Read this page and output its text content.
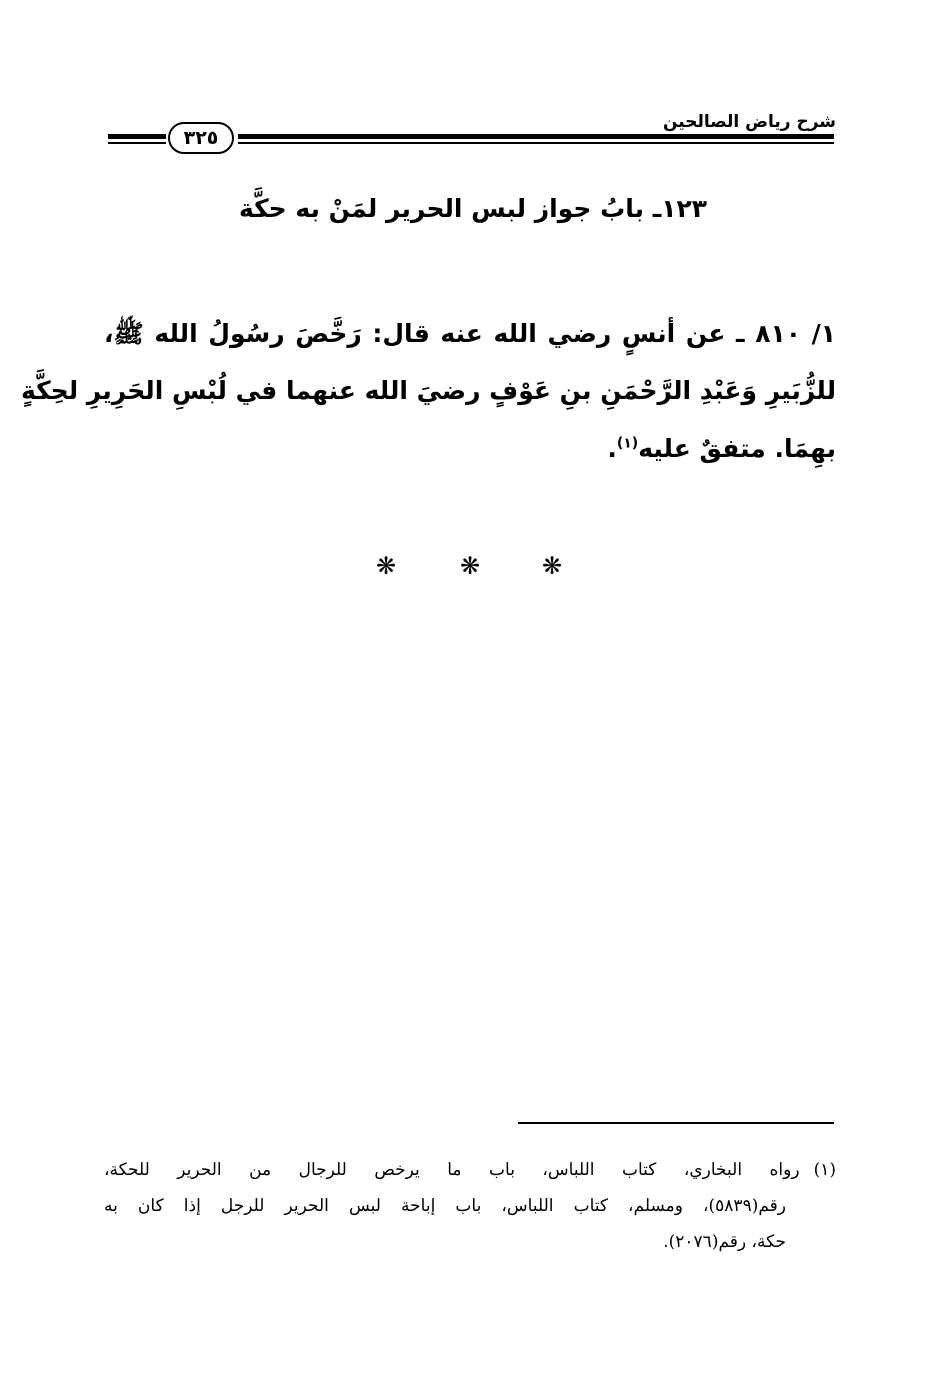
شرح رياض الصالحين
٣٢٥
١٢٣ـ بابُ جواز لبس الحرير لمَنْ به حكَّة
١/ ٨١٠ ـ عن أنسٍ رضي الله عنه قال: رَخَّصَ رسُولُ الله ﷺ،
للزُّبَيرِ وَعَبْدِ الرَّحْمَنِ بنِ عَوْفٍ رضيَ الله عنهما في لُبْسِ الحَرِيرِ لحِكَّةٍ
بهِمَا. متفقٌ عليه$^{(١)}$.
❋	❋	❋
(١)رواه البخاري، كتاب اللباس، باب ما يرخص للرجال من الحرير للحكة،
رقم(٥٨٣٩)، ومسلم، كتاب اللباس، باب إباحة لبس الحرير للرجل إذا كان به
حكة، رقم(٢٠٧٦).
